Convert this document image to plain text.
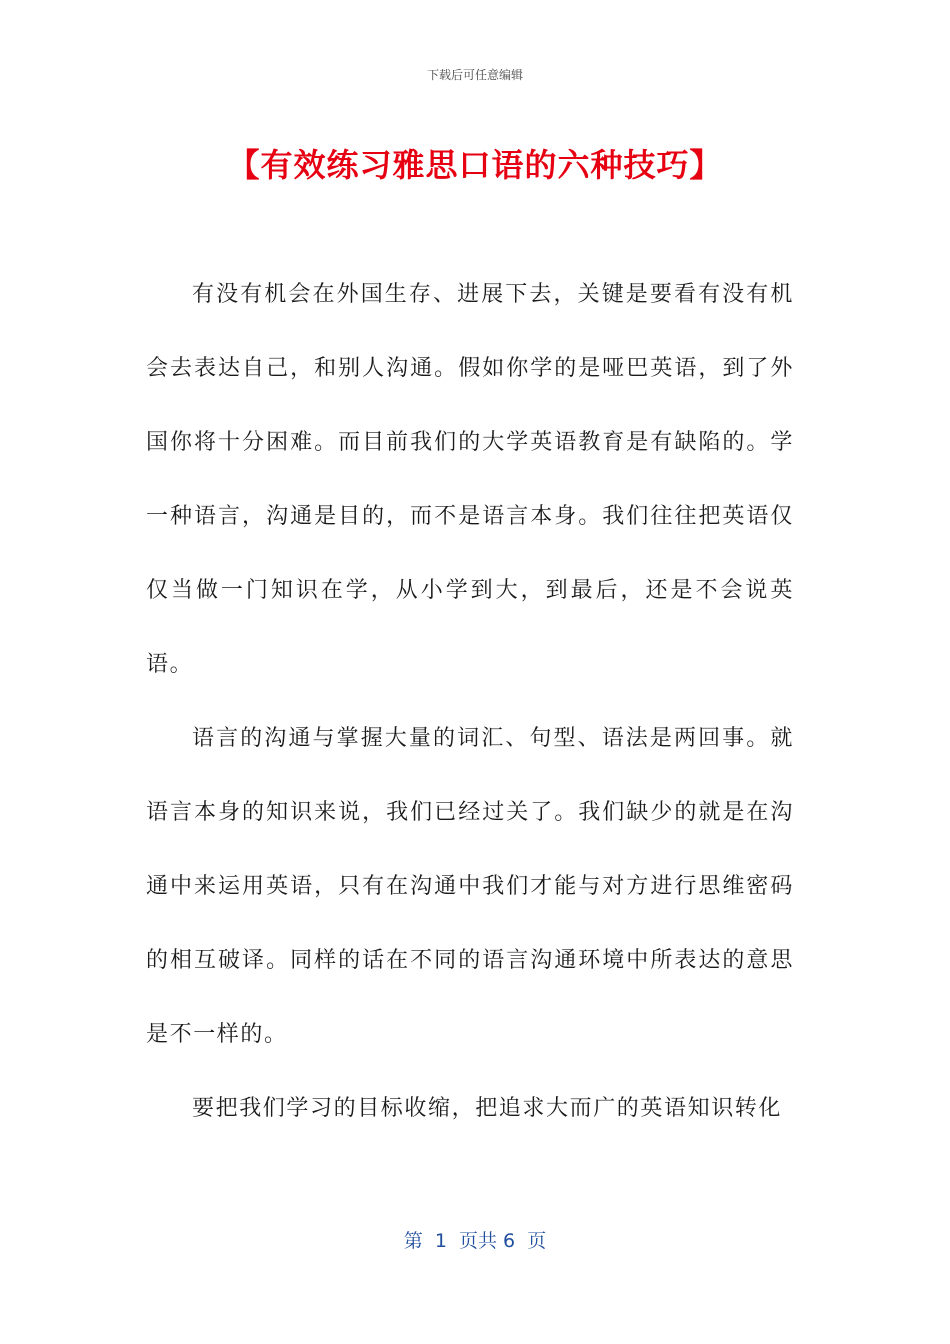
下载后可任意编辑
【有效练习雅思口语的六种技巧】

有没有机会在外国生存、进展下去，关键是要看有没有机会去表达自己，和别人沟通。假如你学的是哑巴英语，到了外国你将十分困难。而目前我们的大学英语教育是有缺陷的。学一种语言，沟通是目的，而不是语言本身。我们往往把英语仅仅当做一门知识在学，从小学到大，到最后，还是不会说英语。

语言的沟通与掌握大量的词汇、句型、语法是两回事。就语言本身的知识来说，我们已经过关了。我们缺少的就是在沟通中来运用英语，只有在沟通中我们才能与对方进行思维密码的相互破译。同样的话在不同的语言沟通环境中所表达的意思是不一样的。

要把我们学习的目标收缩，把追求大而广的英语知识转化

第  1  页共 6  页
